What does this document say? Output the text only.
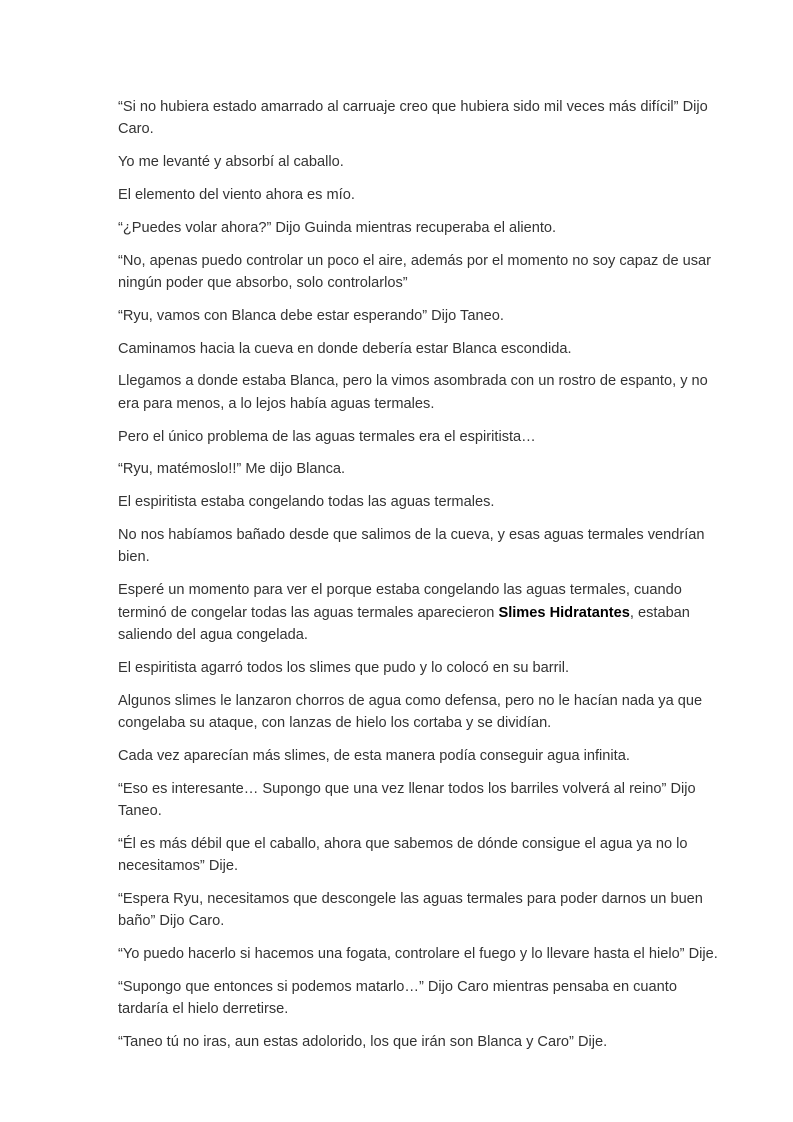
“Si no hubiera estado amarrado al carruaje creo que hubiera sido mil veces más difícil” Dijo Caro.

Yo me levanté y absorbí al caballo.

El elemento del viento ahora es mío.

“¿Puedes volar ahora?” Dijo Guinda mientras recuperaba el aliento.

“No, apenas puedo controlar un poco el aire, además por el momento no soy capaz de usar ningún poder que absorbo, solo controlarlos”

“Ryu, vamos con Blanca debe estar esperando” Dijo Taneo.

Caminamos hacia la cueva en donde debería estar Blanca escondida.

Llegamos a donde estaba Blanca, pero la vimos asombrada con un rostro de espanto, y no era para menos, a lo lejos había aguas termales.

Pero el único problema de las aguas termales era el espiritista…

“Ryu, matémoslo!!” Me dijo Blanca.

El espiritista estaba congelando todas las aguas termales.

No nos habíamos bañado desde que salimos de la cueva, y esas aguas termales vendrían bien.

Esperé un momento para ver el porque estaba congelando las aguas termales, cuando terminó de congelar todas las aguas termales aparecieron Slimes Hidratantes, estaban saliendo del agua congelada.

El espiritista agarró todos los slimes que pudo y lo colocó en su barril.

Algunos slimes le lanzaron chorros de agua como defensa, pero no le hacían nada ya que congelaba su ataque, con lanzas de hielo los cortaba y se dividían.

Cada vez aparecían más slimes, de esta manera podía conseguir agua infinita.

“Eso es interesante… Supongo que una vez llenar todos los barriles volverá al reino” Dijo Taneo.

“Él es más débil que el caballo, ahora que sabemos de dónde consigue el agua ya no lo necesitamos” Dije.

“Espera Ryu, necesitamos que descongele las aguas termales para poder darnos un buen baño” Dijo Caro.

“Yo puedo hacerlo si hacemos una fogata, controlare el fuego y lo llevare hasta el hielo” Dije.

“Supongo que entonces si podemos matarlo…” Dijo Caro mientras pensaba en cuanto tardaría el hielo derretirse.

“Taneo tú no iras, aun estas adolorido, los que irán son Blanca y Caro” Dije.
